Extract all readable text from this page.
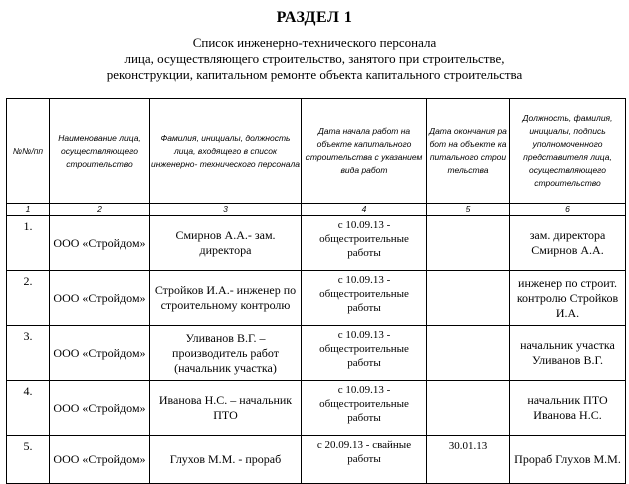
РАЗДЕЛ 1
Список инженерно-технического персонала
лица, осуществляющего строительство, занятого при строительстве,
реконструкции, капитальном ремонте объекта капитального строительства
№№/пп	Наименование лица, осуществляющего строительство	Фамилия, инициалы, должность лица, входящего в список инженерно- технического персонала	Дата начала работ на объекте капитального строительства с указанием вида работ	Дата окончания работ на объекте капитального строительства	Должность, фамилия, инициалы, подпись уполномоченного представителя лица, осуществляющего строительство
1	2	3	4	5	6
1.	ООО «Стройдом»	Смирнов А.А.- зам. директора	с 10.09.13 - общестроительные работы		зам. директора Смирнов А.А.
2.	ООО «Стройдом»	Стройков И.А.- инженер по строительному контролю	с 10.09.13 - общестроительные работы		инженер по строит. контролю Стройков И.А.
3.	ООО «Стройдом»	Уливанов В.Г. – производитель работ (начальник участка)	с 10.09.13 - общестроительные работы		начальник участка Уливанов В.Г.
4.	ООО «Стройдом»	Иванова Н.С. – начальник ПТО	с 10.09.13 - общестроительные работы		начальник ПТО Иванова Н.С.
5.	ООО «Стройдом»	Глухов М.М. - прораб	с 20.09.13 - свайные работы	30.01.13	Прораб Глухов М.М.
